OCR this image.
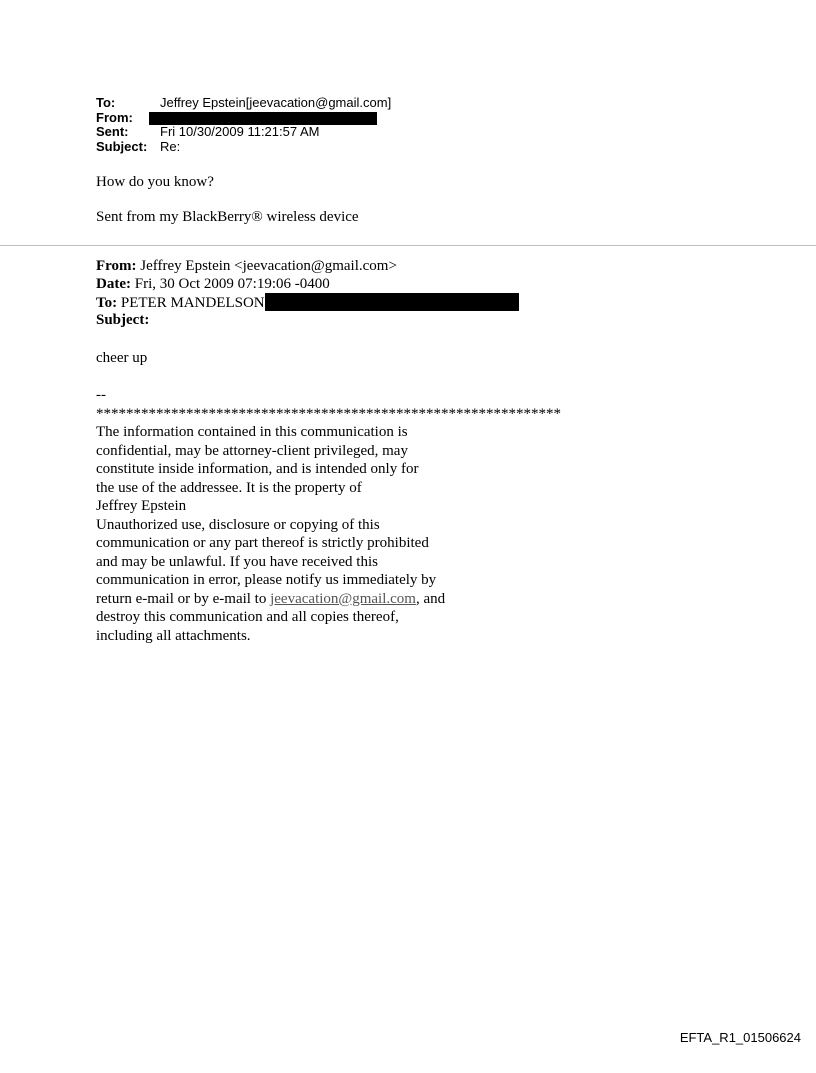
To:	Jeffrey Epstein[jeevacation@gmail.com]
From:
Sent:	Fri 10/30/2009 11:21:57 AM
Subject: Re:
How do you know?
Sent from my BlackBerry® wireless device
From: Jeffrey Epstein <jeevacation@gmail.com>
Date: Fri, 30 Oct 2009 07:19:06 -0400
To: PETER MANDELSON
Subject:
cheer up
--
**************************************************************
The information contained in this communication is
confidential, may be attorney-client privileged, may
constitute inside information, and is intended only for
the use of the addressee. It is the property of
Jeffrey Epstein
Unauthorized use, disclosure or copying of this
communication or any part thereof is strictly prohibited
and may be unlawful. If you have received this
communication in error, please notify us immediately by
return e-mail or by e-mail to jeevacation@gmail.com, and
destroy this communication and all copies thereof,
including all attachments.
EFTA_R1_01506624
